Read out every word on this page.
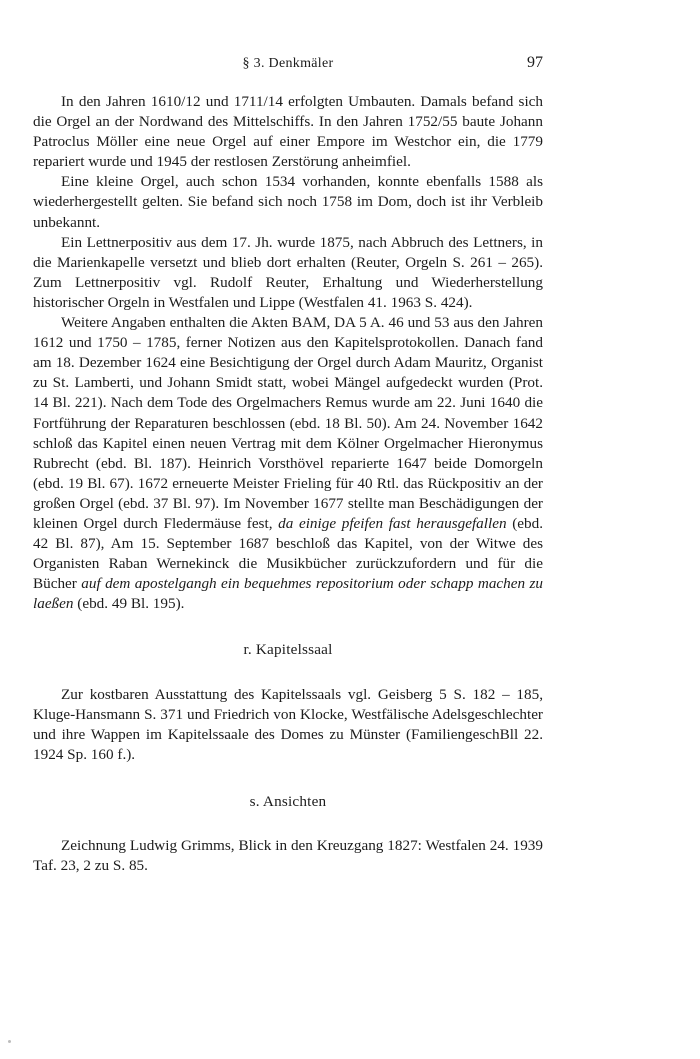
§ 3. Denkmäler	97

In den Jahren 1610/12 und 1711/14 erfolgten Umbauten. Damals befand sich die Orgel an der Nordwand des Mittelschiffs. In den Jahren 1752/55 baute Johann Patroclus Möller eine neue Orgel auf einer Empore im Westchor ein, die 1779 repariert wurde und 1945 der restlosen Zerstörung anheimfiel.

Eine kleine Orgel, auch schon 1534 vorhanden, konnte ebenfalls 1588 als wiederhergestellt gelten. Sie befand sich noch 1758 im Dom, doch ist ihr Verbleib unbekannt.

Ein Lettnerpositiv aus dem 17. Jh. wurde 1875, nach Abbruch des Lettners, in die Marienkapelle versetzt und blieb dort erhalten (Reuter, Orgeln S. 261 – 265). Zum Lettnerpositiv vgl. Rudolf Reuter, Erhaltung und Wiederherstellung historischer Orgeln in Westfalen und Lippe (Westfalen 41. 1963 S. 424).

Weitere Angaben enthalten die Akten BAM, DA 5 A. 46 und 53 aus den Jahren 1612 und 1750 – 1785, ferner Notizen aus den Kapitelsprotokollen. Danach fand am 18. Dezember 1624 eine Besichtigung der Orgel durch Adam Mauritz, Organist zu St. Lamberti, und Johann Smidt statt, wobei Mängel aufgedeckt wurden (Prot. 14 Bl. 221). Nach dem Tode des Orgelmachers Remus wurde am 22. Juni 1640 die Fortführung der Reparaturen beschlossen (ebd. 18 Bl. 50). Am 24. November 1642 schloß das Kapitel einen neuen Vertrag mit dem Kölner Orgelmacher Hieronymus Rubrecht (ebd. Bl. 187). Heinrich Vorsthövel reparierte 1647 beide Domorgeln (ebd. 19 Bl. 67). 1672 erneuerte Meister Frieling für 40 Rtl. das Rückpositiv an der großen Orgel (ebd. 37 Bl. 97). Im November 1677 stellte man Beschädigungen der kleinen Orgel durch Fledermäuse fest, da einige pfeifen fast herausgefallen (ebd. 42 Bl. 87), Am 15. September 1687 beschloß das Kapitel, von der Witwe des Organisten Raban Wernekinck die Musikbücher zurückzufordern und für die Bücher auf dem apostelgangh ein bequehmes repositorium oder schapp machen zu laeßen (ebd. 49 Bl. 195).

r. Kapitelssaal

Zur kostbaren Ausstattung des Kapitelssaals vgl. Geisberg 5 S. 182 – 185, Kluge-Hansmann S. 371 und Friedrich von Klocke, Westfälische Adelsgeschlechter und ihre Wappen im Kapitelssaale des Domes zu Münster (FamiliengeschBll 22. 1924 Sp. 160 f.).

s. Ansichten

Zeichnung Ludwig Grimms, Blick in den Kreuzgang 1827: Westfalen 24. 1939 Taf. 23, 2 zu S. 85.
